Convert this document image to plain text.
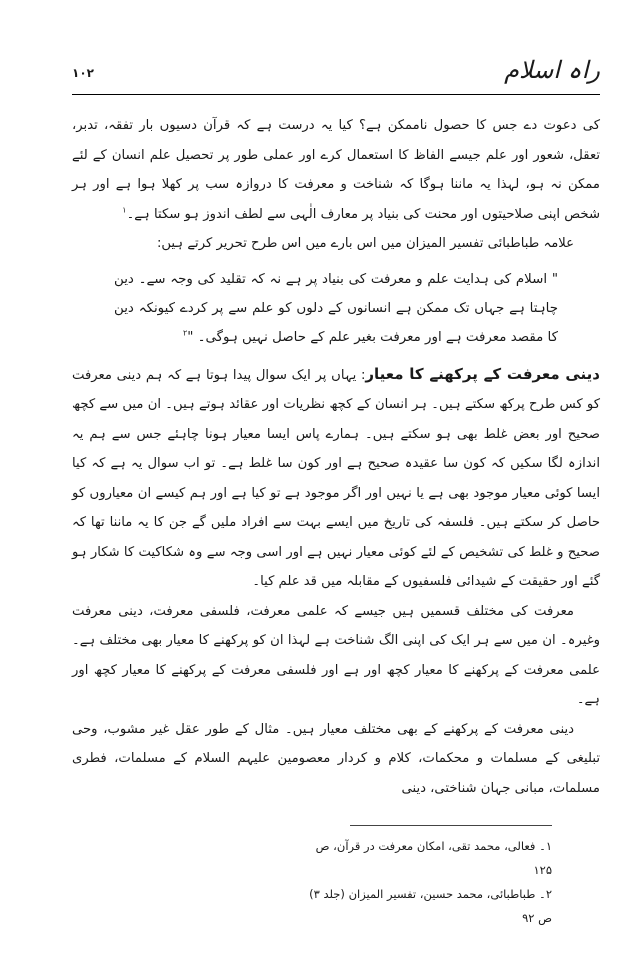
راہ اسلام
۱۰۲

کی دعوت دے جس کا حصول ناممکن ہے؟ کیا یہ درست ہے کہ قرآن دسیوں بار تفقہ، تدبر، تعقل، شعور اور علم جیسے الفاظ کا استعمال کرے اور عملی طور پر تحصیل علم انسان کے لئے ممکن نہ ہو، لہذا یہ ماننا ہوگا کہ شناخت و معرفت کا دروازہ سب پر کھلا ہوا ہے اور ہر شخص اپنی صلاحیتوں اور محنت کی بنیاد پر معارف الٰہی سے لطف اندوز ہو سکتا ہے۔$^۱$

علامہ طباطبائی تفسیر المیزان میں اس بارے میں اس طرح تحریر کرتے ہیں:

" اسلام کی ہدایت علم و معرفت کی بنیاد پر ہے نہ کہ تقلید کی وجہ سے۔ دین چاہتا ہے جہاں تک ممکن ہے انسانوں کے دلوں کو علم سے پر کردے کیونکہ دین کا مقصد معرفت ہے اور معرفت بغیر علم کے حاصل نہیں ہوگی۔ "$^۲$

دینی معرفت کے پرکھنے کا معیار: یہاں پر ایک سوال پیدا ہوتا ہے کہ ہم دینی معرفت کو کس طرح پرکھ سکتے ہیں۔ ہر انسان کے کچھ نظریات اور عقائد ہوتے ہیں۔ ان میں سے کچھ صحیح اور بعض غلط بھی ہو سکتے ہیں۔ ہمارے پاس ایسا معیار ہونا چاہئے جس سے ہم یہ اندازہ لگا سکیں کہ کون سا عقیدہ صحیح ہے اور کون سا غلط ہے۔ تو اب سوال یہ ہے کہ کیا ایسا کوئی معیار موجود بھی ہے یا نہیں اور اگر موجود ہے تو کیا ہے اور ہم کیسے ان معیاروں کو حاصل کر سکتے ہیں۔ فلسفہ کی تاریخ میں ایسے بہت سے افراد ملیں گے جن کا یہ ماننا تھا کہ صحیح و غلط کی تشخیص کے لئے کوئی معیار نہیں ہے اور اسی وجہ سے وہ شکاکیت کا شکار ہو گئے اور حقیقت کے شیدائی فلسفیوں کے مقابلہ میں قد علم کیا۔

معرفت کی مختلف قسمیں ہیں جیسے کہ علمی معرفت، فلسفی معرفت، دینی معرفت وغیرہ۔ ان میں سے ہر ایک کی اپنی الگ شناخت ہے لہذا ان کو پرکھنے کا معیار بھی مختلف ہے۔ علمی معرفت کے پرکھنے کا معیار کچھ اور ہے اور فلسفی معرفت کے پرکھنے کا معیار کچھ اور ہے۔

دینی معرفت کے پرکھنے کے بھی مختلف معیار ہیں۔ مثال کے طور عقل غیر مشوب، وحی تبلیغی کے مسلمات و محکمات، کلام و کردار معصومین علیہم السلام کے مسلمات، فطری مسلمات، مبانی جہان شناختی، دینی

۱۔ فعالی، محمد تقی، امکان معرفت در قرآن، ص ۱۲۵

۲۔ طباطبائی، محمد حسین، تفسیر المیزان (جلد ۳) ص ۹۲
